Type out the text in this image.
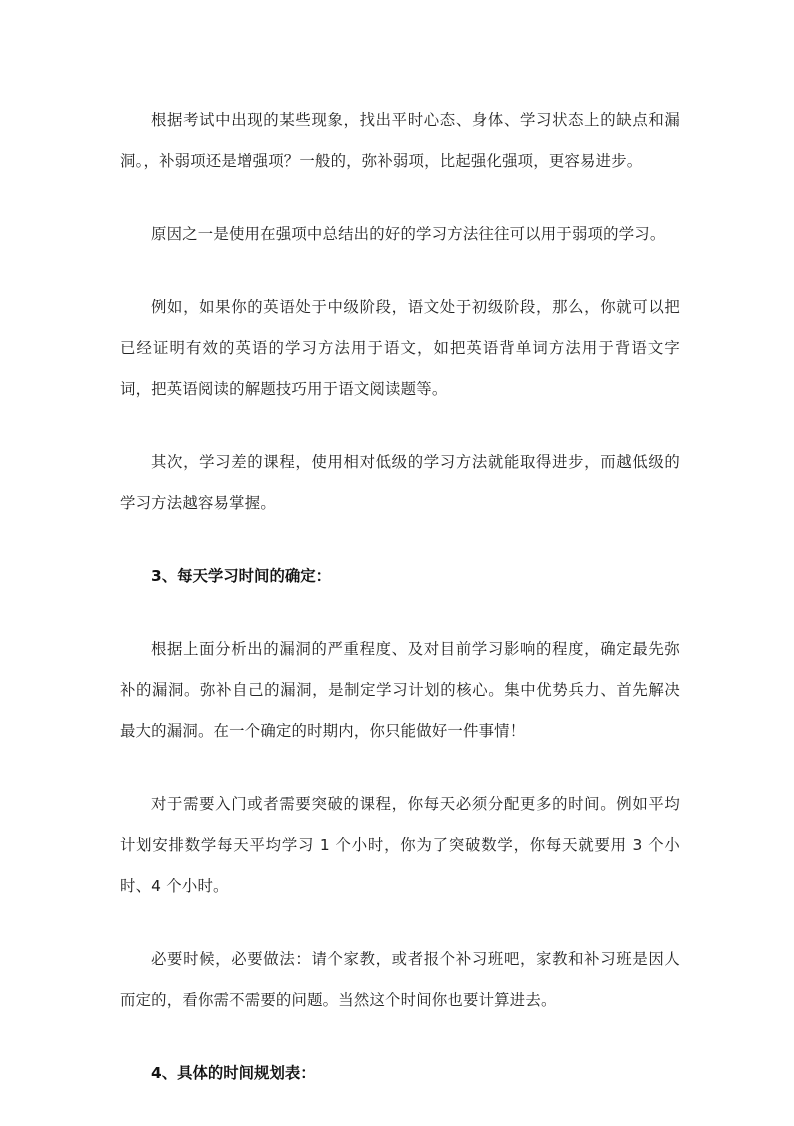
根据考试中出现的某些现象，找出平时心态、身体、学习状态上的缺点和漏洞。，补弱项还是增强项？一般的，弥补弱项，比起强化强项，更容易进步。

原因之一是使用在强项中总结出的好的学习方法往往可以用于弱项的学习。

例如，如果你的英语处于中级阶段，语文处于初级阶段，那么，你就可以把已经证明有效的英语的学习方法用于语文，如把英语背单词方法用于背语文字词，把英语阅读的解题技巧用于语文阅读题等。

其次，学习差的课程，使用相对低级的学习方法就能取得进步，而越低级的学习方法越容易掌握。

3、每天学习时间的确定：

根据上面分析出的漏洞的严重程度、及对目前学习影响的程度，确定最先弥补的漏洞。弥补自己的漏洞，是制定学习计划的核心。集中优势兵力、首先解决最大的漏洞。在一个确定的时期内，你只能做好一件事情！

对于需要入门或者需要突破的课程，你每天必须分配更多的时间。例如平均计划安排数学每天平均学习 1 个小时，你为了突破数学，你每天就要用 3 个小时、4 个小时。

必要时候，必要做法：请个家教，或者报个补习班吧，家教和补习班是因人而定的，看你需不需要的问题。当然这个时间你也要计算进去。

4、具体的时间规划表：
